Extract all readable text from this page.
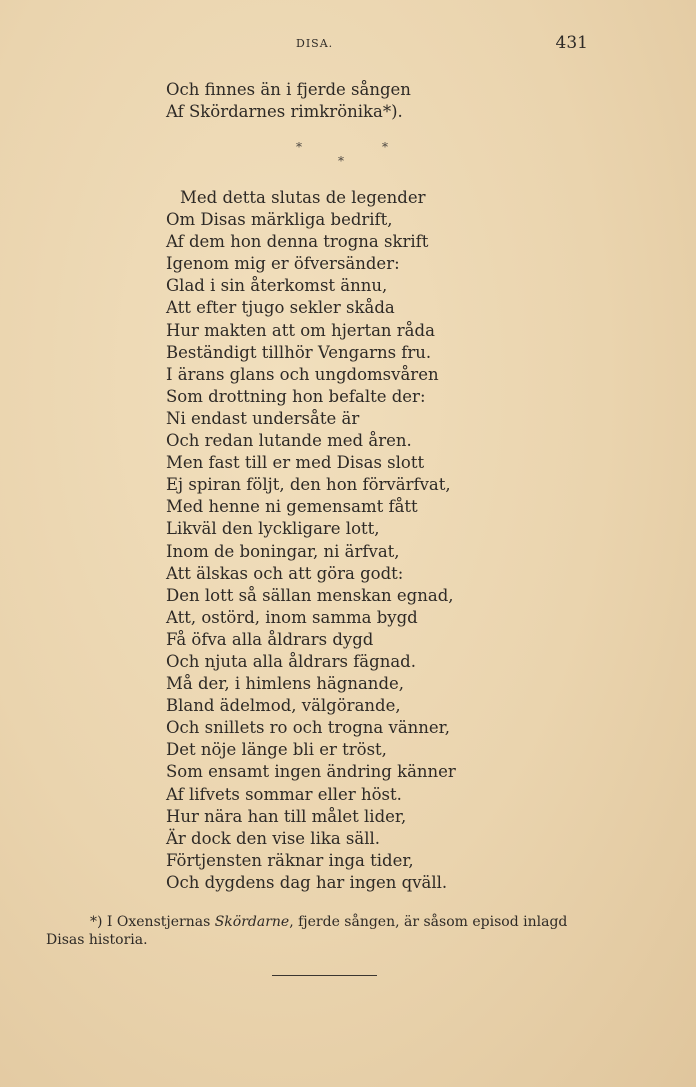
DISA.	431
Och finnes än i fjerde sången
Af Skördarnes rimkrönika*).
*	*
*
Med detta slutas de legender
Om Disas märkliga bedrift,
Af dem hon denna trogna skrift
Igenom mig er öfversänder:
Glad i sin återkomst ännu,
Att efter tjugo sekler skåda
Hur makten att om hjertan råda
Beständigt tillhör Vengarns fru.
I ärans glans och ungdomsvåren
Som drottning hon befalte der:
Ni endast undersåte är
Och redan lutande med åren.
Men fast till er med Disas slott
Ej spiran följt, den hon förvärfvat,
Med henne ni gemensamt fått
Likväl den lyckligare lott,
Inom de boningar, ni ärfvat,
Att älskas och att göra godt:
Den lott så sällan menskan egnad,
Att, ostörd, inom samma bygd
Få öfva alla åldrars dygd
Och njuta alla åldrars fägnad.
Må der, i himlens hägnande,
Bland ädelmod, välgörande,
Och snillets ro och trogna vänner,
Det nöje länge bli er tröst,
Som ensamt ingen ändring känner
Af lifvets sommar eller höst.
Hur nära han till målet lider,
Är dock den vise lika säll.
Förtjensten räknar inga tider,
Och dygdens dag har ingen qväll.
*) I Oxenstjernas Skördarne, fjerde sången, är såsom episod inlagd Disas historia.
